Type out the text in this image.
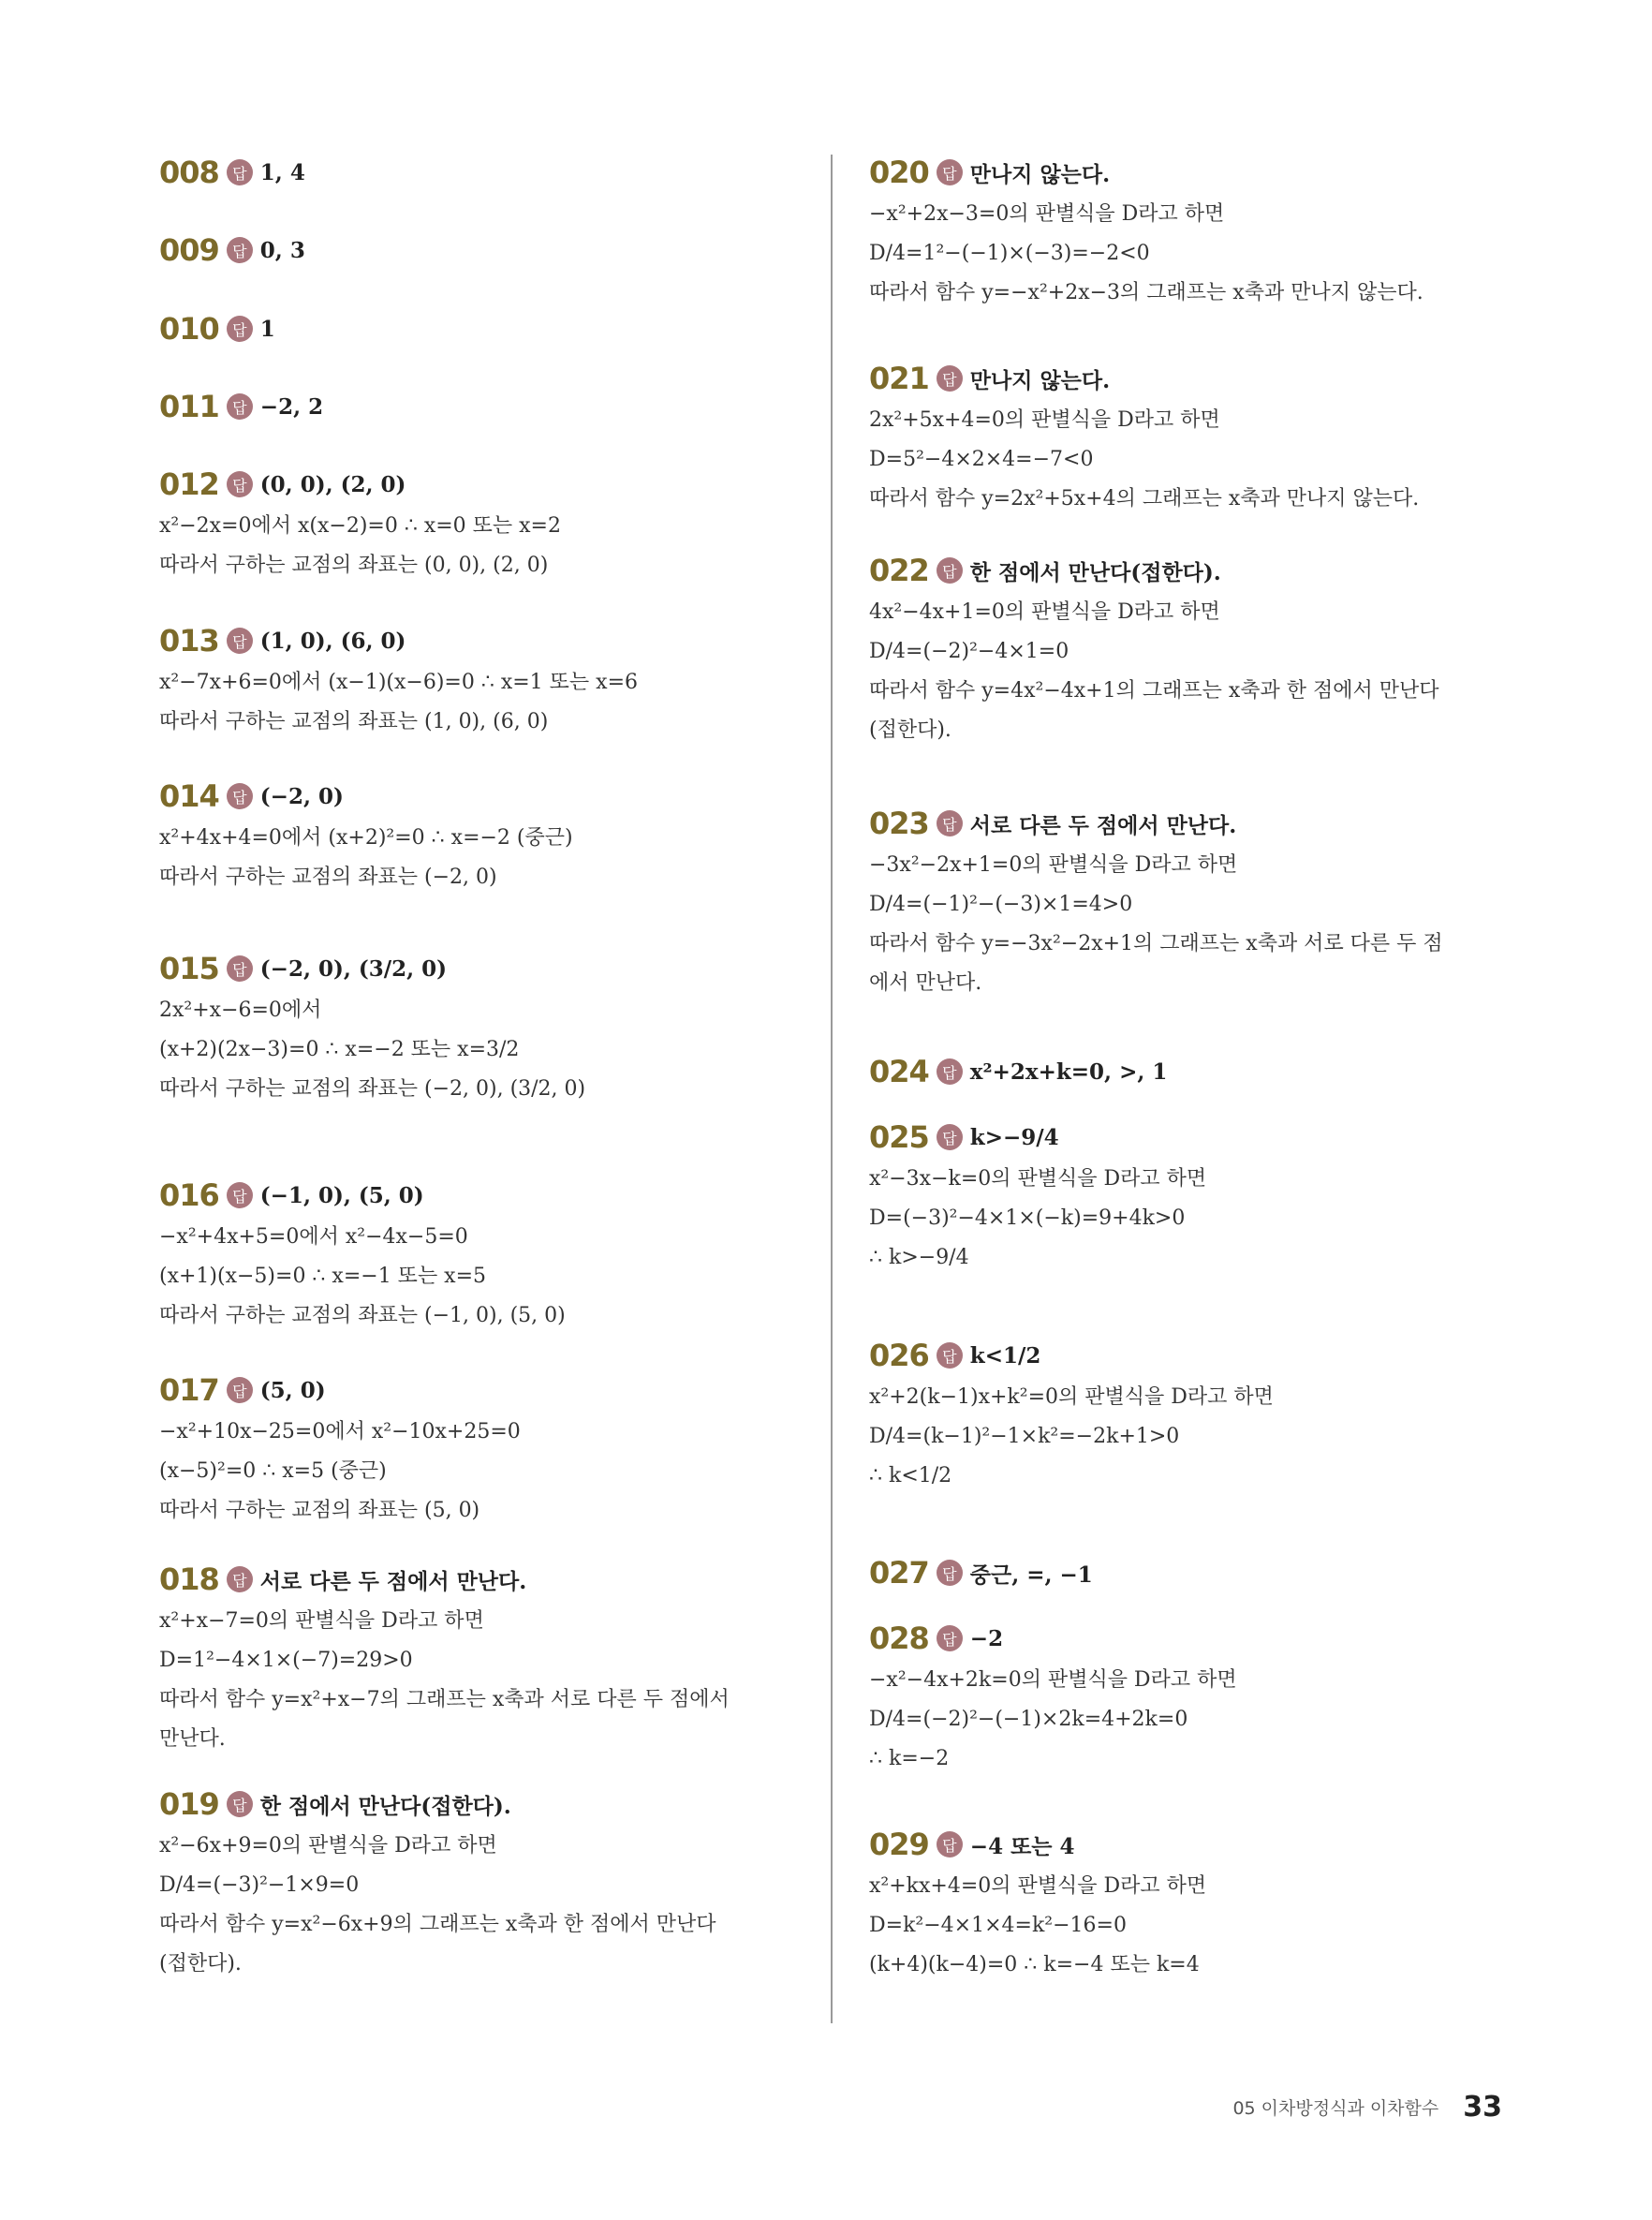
008 답 1, 4
009 답 0, 3
010 답 1
011 답 −2, 2
012 답 (0, 0), (2, 0)
x²−2x=0에서 x(x−2)=0 ∴ x=0 또는 x=2
따라서 구하는 교점의 좌표는 (0, 0), (2, 0)
013 답 (1, 0), (6, 0)
x²−7x+6=0에서 (x−1)(x−6)=0 ∴ x=1 또는 x=6
따라서 구하는 교점의 좌표는 (1, 0), (6, 0)
014 답 (−2, 0)
x²+4x+4=0에서 (x+2)²=0 ∴ x=−2 (중근)
따라서 구하는 교점의 좌표는 (−2, 0)
015 답 (−2, 0), (3/2, 0)
2x²+x−6=0에서
(x+2)(2x−3)=0 ∴ x=−2 또는 x=3/2
따라서 구하는 교점의 좌표는 (−2, 0), (3/2, 0)
016 답 (−1, 0), (5, 0)
−x²+4x+5=0에서 x²−4x−5=0
(x+1)(x−5)=0 ∴ x=−1 또는 x=5
따라서 구하는 교점의 좌표는 (−1, 0), (5, 0)
017 답 (5, 0)
−x²+10x−25=0에서 x²−10x+25=0
(x−5)²=0 ∴ x=5 (중근)
따라서 구하는 교점의 좌표는 (5, 0)
018 답 서로 다른 두 점에서 만난다.
x²+x−7=0의 판별식을 D라고 하면
D=1²−4×1×(−7)=29>0
따라서 함수 y=x²+x−7의 그래프는 x축과 서로 다른 두 점에서
만난다.
019 답 한 점에서 만난다(접한다).
x²−6x+9=0의 판별식을 D라고 하면
D/4=(−3)²−1×9=0
따라서 함수 y=x²−6x+9의 그래프는 x축과 한 점에서 만난다
(접한다).
020 답 만나지 않는다.
−x²+2x−3=0의 판별식을 D라고 하면
D/4=1²−(−1)×(−3)=−2<0
따라서 함수 y=−x²+2x−3의 그래프는 x축과 만나지 않는다.
021 답 만나지 않는다.
2x²+5x+4=0의 판별식을 D라고 하면
D=5²−4×2×4=−7<0
따라서 함수 y=2x²+5x+4의 그래프는 x축과 만나지 않는다.
022 답 한 점에서 만난다(접한다).
4x²−4x+1=0의 판별식을 D라고 하면
D/4=(−2)²−4×1=0
따라서 함수 y=4x²−4x+1의 그래프는 x축과 한 점에서 만난다
(접한다).
023 답 서로 다른 두 점에서 만난다.
−3x²−2x+1=0의 판별식을 D라고 하면
D/4=(−1)²−(−3)×1=4>0
따라서 함수 y=−3x²−2x+1의 그래프는 x축과 서로 다른 두 점
에서 만난다.
024 답 x²+2x+k=0, >, 1
025 답 k>−9/4
x²−3x−k=0의 판별식을 D라고 하면
D=(−3)²−4×1×(−k)=9+4k>0
∴ k>−9/4
026 답 k<1/2
x²+2(k−1)x+k²=0의 판별식을 D라고 하면
D/4=(k−1)²−1×k²=−2k+1>0
∴ k<1/2
027 답 중근, =, −1
028 답 −2
−x²−4x+2k=0의 판별식을 D라고 하면
D/4=(−2)²−(−1)×2k=4+2k=0
∴ k=−2
029 답 −4 또는 4
x²+kx+4=0의 판별식을 D라고 하면
D=k²−4×1×4=k²−16=0
(k+4)(k−4)=0 ∴ k=−4 또는 k=4
05 이차방정식과 이차함수 33
